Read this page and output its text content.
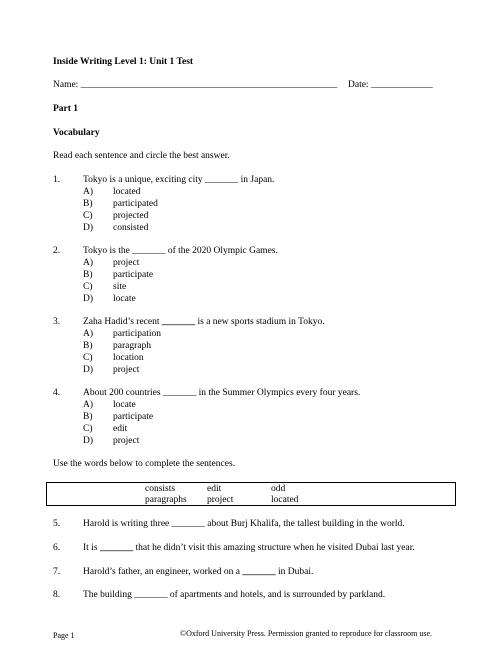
Inside Writing Level 1: Unit 1 Test
Name: ______________________________________________________ Date: _____________
Part 1
Vocabulary
Read each sentence and circle the best answer.
1. Tokyo is a unique, exciting city _______ in Japan.
A) located
B) participated
C) projected
D) consisted
2. Tokyo is the _______ of the 2020 Olympic Games.
A) project
B) participate
C) site
D) locate
3. Zaha Hadid’s recent _______ is a new sports stadium in Tokyo.
A) participation
B) paragraph
C) location
D) project
4. About 200 countries _______ in the Summer Olympics every four years.
A) locate
B) participate
C) edit
D) project
Use the words below to complete the sentences.
consists	edit	odd
paragraphs project	located
5. Harold is writing three _______ about Burj Khalifa, the tallest building in the world.
6. It is _______ that he didn’t visit this amazing structure when he visited Dubai last year.
7. Harold’s father, an engineer, worked on a _______ in Dubai.
8. The building _______ of apartments and hotels, and is surrounded by parkland.
Page 1	©Oxford University Press. Permission granted to reproduce for classroom use.
